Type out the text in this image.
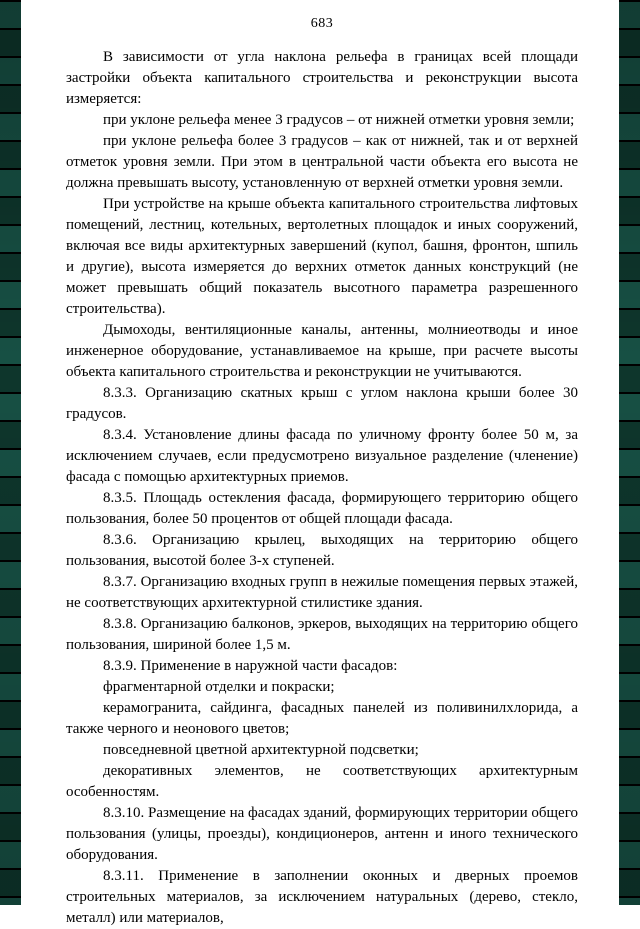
683

В зависимости от угла наклона рельефа в границах всей площади застройки объекта капитального строительства и реконструкции высота измеряется:

при уклоне рельефа менее 3 градусов – от нижней отметки уровня земли;

при уклоне рельефа более 3 градусов – как от нижней, так и от верхней отметок уровня земли. При этом в центральной части объекта его высота не должна превышать высоту, установленную от верхней отметки уровня земли.

При устройстве на крыше объекта капитального строительства лифтовых помещений, лестниц, котельных, вертолетных площадок и иных сооружений, включая все виды архитектурных завершений (купол, башня, фронтон, шпиль и другие), высота измеряется до верхних отметок данных конструкций (не может превышать общий показатель высотного параметра разрешенного строительства).

Дымоходы, вентиляционные каналы, антенны, молниеотводы и иное инженерное оборудование, устанавливаемое на крыше, при расчете высоты объекта капитального строительства и реконструкции не учитываются.

8.3.3. Организацию скатных крыш с углом наклона крыши более 30 градусов.

8.3.4. Установление длины фасада по уличному фронту более 50 м, за исключением случаев, если предусмотрено визуальное разделение (членение) фасада с помощью архитектурных приемов.

8.3.5. Площадь остекления фасада, формирующего территорию общего пользования, более 50 процентов от общей площади фасада.

8.3.6. Организацию крылец, выходящих на территорию общего пользования, высотой более 3-х ступеней.

8.3.7. Организацию входных групп в нежилые помещения первых этажей, не соответствующих архитектурной стилистике здания.

8.3.8. Организацию балконов, эркеров, выходящих на территорию общего пользования, шириной более 1,5 м.

8.3.9. Применение в наружной части фасадов:

фрагментарной отделки и покраски;

керамогранита, сайдинга, фасадных панелей из поливинилхлорида, а также черного и неонового цветов;

повседневной цветной архитектурной подсветки;

декоративных элементов, не соответствующих архитектурным особенностям.

8.3.10. Размещение на фасадах зданий, формирующих территории общего пользования (улицы, проезды), кондиционеров, антенн и иного технического оборудования.

8.3.11. Применение в заполнении оконных и дверных проемов строительных материалов, за исключением натуральных (дерево, стекло, металл) или материалов,
